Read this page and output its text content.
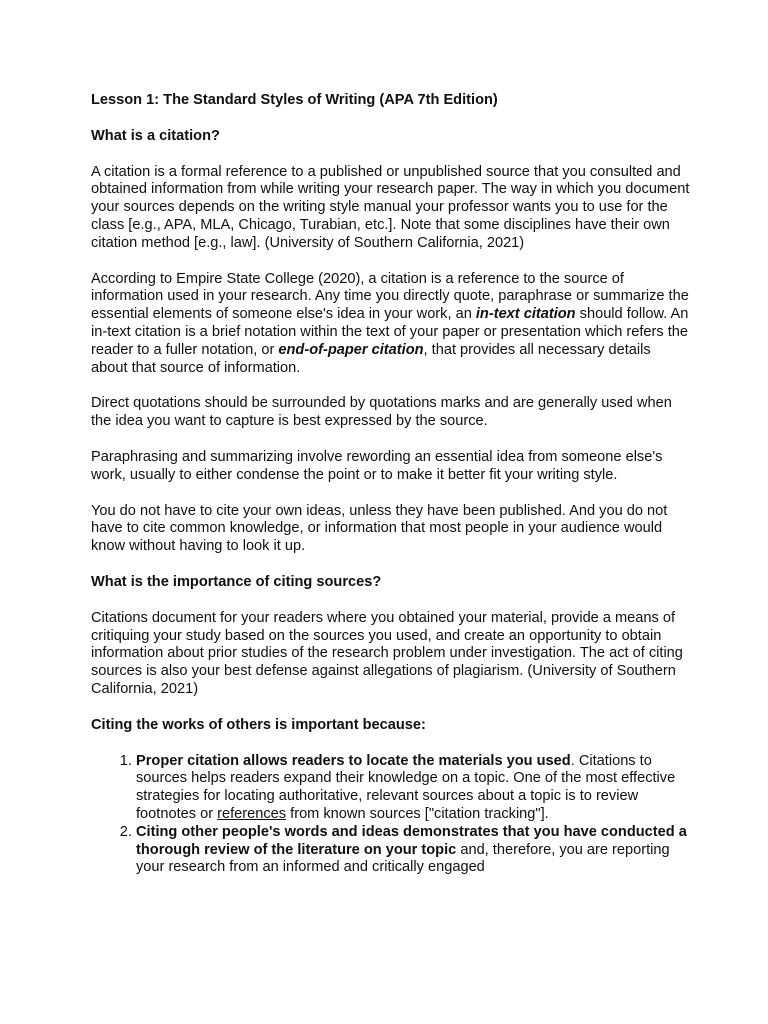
Lesson 1: The Standard Styles of Writing (APA 7th Edition)

What is a citation?

A citation is a formal reference to a published or unpublished source that you consulted and obtained information from while writing your research paper. The way in which you document your sources depends on the writing style manual your professor wants you to use for the class [e.g., APA, MLA, Chicago, Turabian, etc.]. Note that some disciplines have their own citation method [e.g., law]. (University of Southern California, 2021)

According to Empire State College (2020), a citation is a reference to the source of information used in your research. Any time you directly quote, paraphrase or summarize the essential elements of someone else's idea in your work, an in-text citation should follow. An in-text citation is a brief notation within the text of your paper or presentation which refers the reader to a fuller notation, or end-of-paper citation, that provides all necessary details about that source of information.

Direct quotations should be surrounded by quotations marks and are generally used when the idea you want to capture is best expressed by the source.

Paraphrasing and summarizing involve rewording an essential idea from someone else's work, usually to either condense the point or to make it better fit your writing style.

You do not have to cite your own ideas, unless they have been published. And you do not have to cite common knowledge, or information that most people in your audience would know without having to look it up.

What is the importance of citing sources?

Citations document for your readers where you obtained your material, provide a means of critiquing your study based on the sources you used, and create an opportunity to obtain information about prior studies of the research problem under investigation. The act of citing sources is also your best defense against allegations of plagiarism. (University of Southern California, 2021)

Citing the works of others is important because:

1. Proper citation allows readers to locate the materials you used. Citations to sources helps readers expand their knowledge on a topic. One of the most effective strategies for locating authoritative, relevant sources about a topic is to review footnotes or references from known sources ["citation tracking"].
2. Citing other people's words and ideas demonstrates that you have conducted a thorough review of the literature on your topic and, therefore, you are reporting your research from an informed and critically engaged
